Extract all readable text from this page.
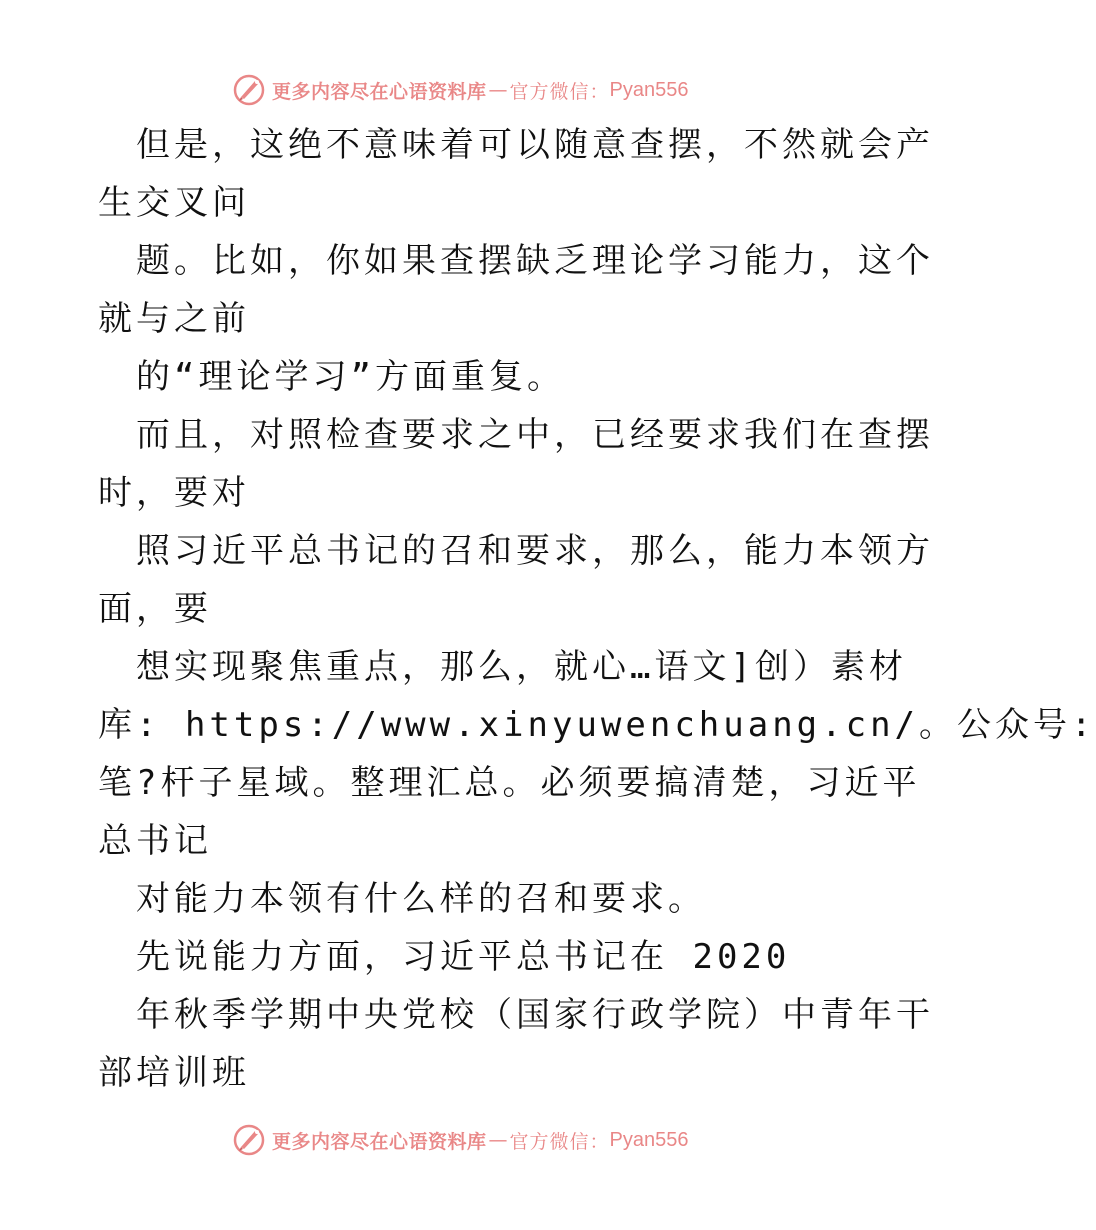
更多内容尽在心语资料库 — 官方微信： Pyan556
但是，这绝不意味着可以随意查摆，不然就会产
生交叉问
题。比如，你如果查摆缺乏理论学习能力，这个
就与之前
的“理论学习”方面重复。
而且，对照检查要求之中，已经要求我们在查摆
时，要对
照习近平总书记的召和要求，那么，能力本领方
面，要
想实现聚焦重点，那么，就心…语文]创）素材
库: https://www.xinyuwenchuang.cn/。公众号:
笔?杆子星域。整理汇总。必须要搞清楚，习近平
总书记
对能力本领有什么样的召和要求。
先说能力方面，习近平总书记在 2020
年秋季学期中央党校（国家行政学院）中青年干
部培训班
更多内容尽在心语资料库 — 官方微信： Pyan556
